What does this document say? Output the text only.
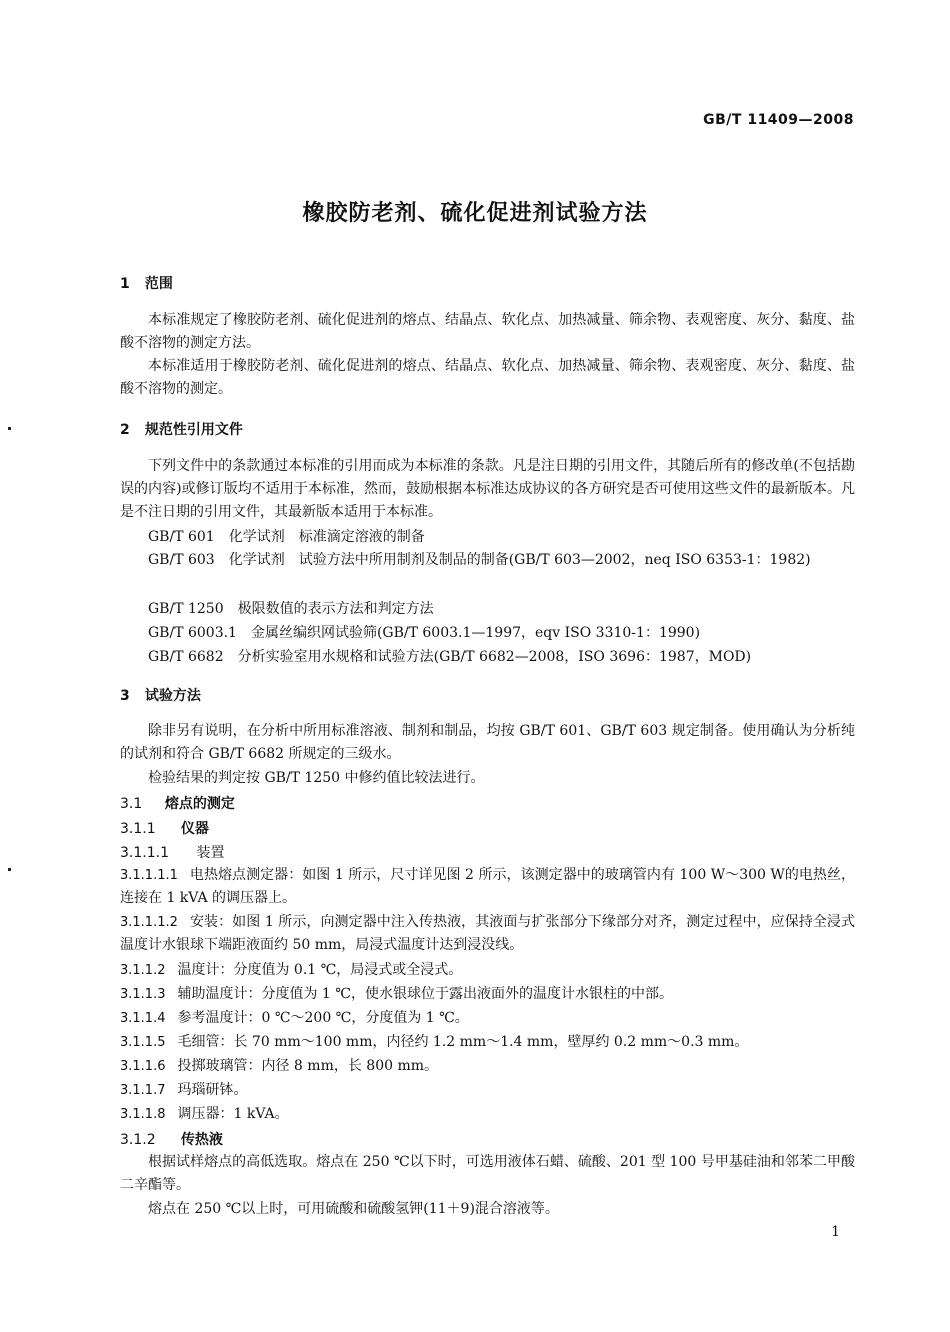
GB/T 11409—2008
橡胶防老剂、硫化促进剂试验方法
1 范围

本标准规定了橡胶防老剂、硫化促进剂的熔点、结晶点、软化点、加热减量、筛余物、表观密度、灰分、黏度、盐酸不溶物的测定方法。

本标准适用于橡胶防老剂、硫化促进剂的熔点、结晶点、软化点、加热减量、筛余物、表观密度、灰分、黏度、盐酸不溶物的测定。

2 规范性引用文件

下列文件中的条款通过本标准的引用而成为本标准的条款。凡是注日期的引用文件，其随后所有的修改单(不包括勘误的内容)或修订版均不适用于本标准，然而，鼓励根据本标准达成协议的各方研究是否可使用这些文件的最新版本。凡是不注日期的引用文件，其最新版本适用于本标准。

GB/T 601　化学试剂　标准滴定溶液的制备
GB/T 603　化学试剂　试验方法中所用制剂及制品的制备(GB/T 603—2002，neq ISO 6353-1：1982)
GB/T 1250　极限数值的表示方法和判定方法
GB/T 6003.1　金属丝编织网试验筛(GB/T 6003.1—1997，eqv ISO 3310-1：1990)
GB/T 6682　分析实验室用水规格和试验方法(GB/T 6682—2008，ISO 3696：1987，MOD)
3 试验方法

除非另有说明，在分析中所用标准溶液、制剂和制品，均按 GB/T 601、GB/T 603 规定制备。使用确认为分析纯的试剂和符合 GB/T 6682 所规定的三级水。

检验结果的判定按 GB/T 1250 中修约值比较法进行。

3.1 熔点的测定
3.1.1 仪器
3.1.1.1 装置

3.1.1.1.1 电热熔点测定器：如图 1 所示，尺寸详见图 2 所示，该测定器中的玻璃管内有 100 W～300 W的电热丝，连接在 1 kVA 的调压器上。

3.1.1.1.2 安装：如图 1 所示，向测定器中注入传热液，其液面与扩张部分下缘部分对齐，测定过程中，应保持全浸式温度计水银球下端距液面约 50 mm，局浸式温度计达到浸没线。

3.1.1.2 温度计：分度值为 0.1 ℃，局浸式或全浸式。

3.1.1.3 辅助温度计：分度值为 1 ℃，使水银球位于露出液面外的温度计水银柱的中部。

3.1.1.4 参考温度计：0 ℃～200 ℃，分度值为 1 ℃。

3.1.1.5 毛细管：长 70 mm～100 mm，内径约 1.2 mm～1.4 mm，壁厚约 0.2 mm～0.3 mm。

3.1.1.6 投掷玻璃管：内径 8 mm，长 800 mm。

3.1.1.7 玛瑙研钵。

3.1.1.8 调压器：1 kVA。

3.1.2 传热液

根据试样熔点的高低选取。熔点在 250 ℃以下时，可选用液体石蜡、硫酸、201 型 100 号甲基硅油和邻苯二甲酸二辛酯等。

熔点在 250 ℃以上时，可用硫酸和硫酸氢钾(11＋9)混合溶液等。

1
